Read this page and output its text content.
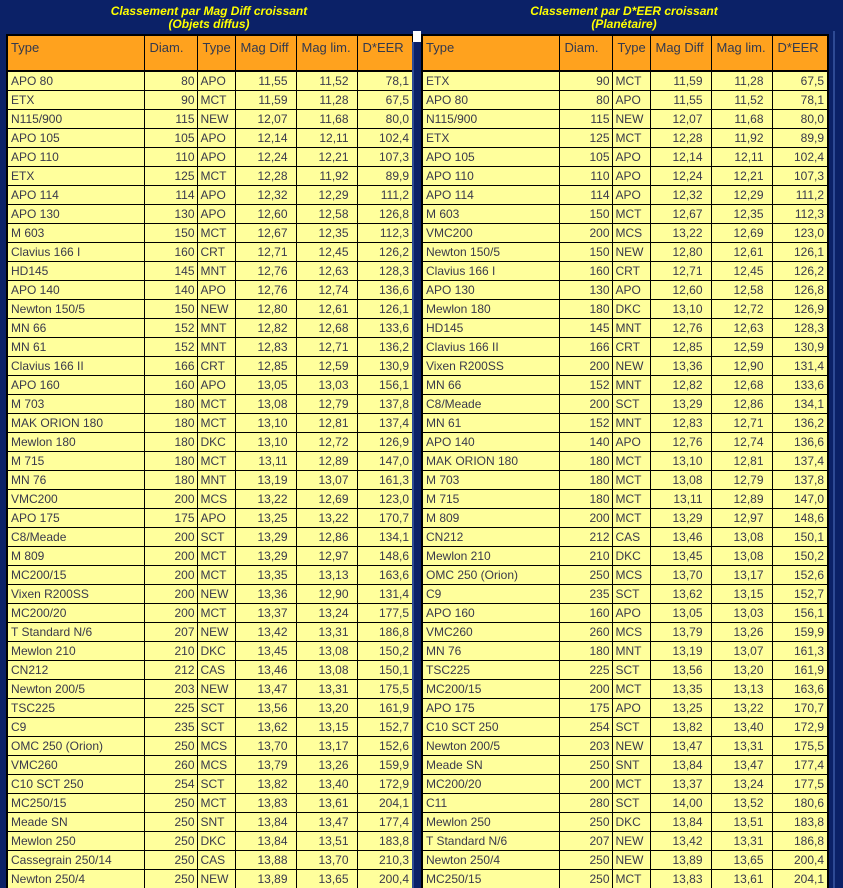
Classement par Mag Diff croissant
(Objets diffus)
Type	Diam.	Type	Mag Diff	Mag lim.	D*EER
APO 80	80	APO	11,55	11,52	78,1
ETX	90	MCT	11,59	11,28	67,5
N115/900	115	NEW	12,07	11,68	80,0
APO 105	105	APO	12,14	12,11	102,4
APO 110	110	APO	12,24	12,21	107,3
ETX	125	MCT	12,28	11,92	89,9
APO 114	114	APO	12,32	12,29	111,2
APO 130	130	APO	12,60	12,58	126,8
M 603	150	MCT	12,67	12,35	112,3
Clavius 166 I	160	CRT	12,71	12,45	126,2
HD145	145	MNT	12,76	12,63	128,3
APO 140	140	APO	12,76	12,74	136,6
Newton 150/5	150	NEW	12,80	12,61	126,1
MN 66	152	MNT	12,82	12,68	133,6
MN 61	152	MNT	12,83	12,71	136,2
Clavius 166 II	166	CRT	12,85	12,59	130,9
APO 160	160	APO	13,05	13,03	156,1
M 703	180	MCT	13,08	12,79	137,8
MAK ORION 180	180	MCT	13,10	12,81	137,4
Mewlon 180	180	DKC	13,10	12,72	126,9
M 715	180	MCT	13,11	12,89	147,0
MN 76	180	MNT	13,19	13,07	161,3
VMC200	200	MCS	13,22	12,69	123,0
APO 175	175	APO	13,25	13,22	170,7
C8/Meade	200	SCT	13,29	12,86	134,1
M 809	200	MCT	13,29	12,97	148,6
MC200/15	200	MCT	13,35	13,13	163,6
Vixen R200SS	200	NEW	13,36	12,90	131,4
MC200/20	200	MCT	13,37	13,24	177,5
T Standard N/6	207	NEW	13,42	13,31	186,8
Mewlon 210	210	DKC	13,45	13,08	150,2
CN212	212	CAS	13,46	13,08	150,1
Newton 200/5	203	NEW	13,47	13,31	175,5
TSC225	225	SCT	13,56	13,20	161,9
C9	235	SCT	13,62	13,15	152,7
OMC 250 (Orion)	250	MCS	13,70	13,17	152,6
VMC260	260	MCS	13,79	13,26	159,9
C10 SCT 250	254	SCT	13,82	13,40	172,9
MC250/15	250	MCT	13,83	13,61	204,1
Meade SN	250	SNT	13,84	13,47	177,4
Mewlon 250	250	DKC	13,84	13,51	183,8
Cassegrain 250/14	250	CAS	13,88	13,70	210,3
Newton 250/4	250	NEW	13,89	13,65	200,4

Classement par D*EER croissant
(Planétaire)
Type	Diam.	Type	Mag Diff	Mag lim.	D*EER
ETX	90	MCT	11,59	11,28	67,5
APO 80	80	APO	11,55	11,52	78,1
N115/900	115	NEW	12,07	11,68	80,0
ETX	125	MCT	12,28	11,92	89,9
APO 105	105	APO	12,14	12,11	102,4
APO 110	110	APO	12,24	12,21	107,3
APO 114	114	APO	12,32	12,29	111,2
M 603	150	MCT	12,67	12,35	112,3
VMC200	200	MCS	13,22	12,69	123,0
Newton 150/5	150	NEW	12,80	12,61	126,1
Clavius 166 I	160	CRT	12,71	12,45	126,2
APO 130	130	APO	12,60	12,58	126,8
Mewlon 180	180	DKC	13,10	12,72	126,9
HD145	145	MNT	12,76	12,63	128,3
Clavius 166 II	166	CRT	12,85	12,59	130,9
Vixen R200SS	200	NEW	13,36	12,90	131,4
MN 66	152	MNT	12,82	12,68	133,6
C8/Meade	200	SCT	13,29	12,86	134,1
MN 61	152	MNT	12,83	12,71	136,2
APO 140	140	APO	12,76	12,74	136,6
MAK ORION 180	180	MCT	13,10	12,81	137,4
M 703	180	MCT	13,08	12,79	137,8
M 715	180	MCT	13,11	12,89	147,0
M 809	200	MCT	13,29	12,97	148,6
CN212	212	CAS	13,46	13,08	150,1
Mewlon 210	210	DKC	13,45	13,08	150,2
OMC 250 (Orion)	250	MCS	13,70	13,17	152,6
C9	235	SCT	13,62	13,15	152,7
APO 160	160	APO	13,05	13,03	156,1
VMC260	260	MCS	13,79	13,26	159,9
MN 76	180	MNT	13,19	13,07	161,3
TSC225	225	SCT	13,56	13,20	161,9
MC200/15	200	MCT	13,35	13,13	163,6
APO 175	175	APO	13,25	13,22	170,7
C10 SCT 250	254	SCT	13,82	13,40	172,9
Newton 200/5	203	NEW	13,47	13,31	175,5
Meade SN	250	SNT	13,84	13,47	177,4
MC200/20	200	MCT	13,37	13,24	177,5
C11	280	SCT	14,00	13,52	180,6
Mewlon 250	250	DKC	13,84	13,51	183,8
T Standard N/6	207	NEW	13,42	13,31	186,8
Newton 250/4	250	NEW	13,89	13,65	200,4
MC250/15	250	MCT	13,83	13,61	204,1
